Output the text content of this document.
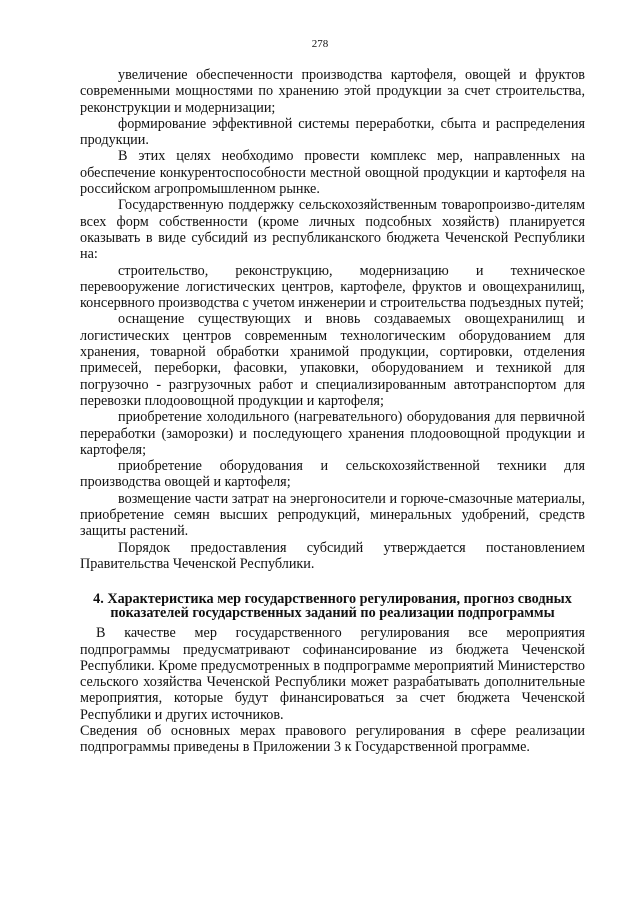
278

увеличение обеспеченности производства картофеля, овощей и фруктов современными мощностями по хранению этой продукции за счет строительства, реконструкции и модернизации;

формирование эффективной системы переработки, сбыта и распределения продукции.

В этих целях необходимо провести комплекс мер, направленных на обеспечение конкурентоспособности местной овощной продукции и картофеля на российском агропромышленном рынке.

Государственную поддержку сельскохозяйственным товаропроизво-дителям всех форм собственности (кроме личных подсобных хозяйств) планируется оказывать в виде субсидий из республиканского бюджета Чеченской Республики на:

строительство, реконструкцию, модернизацию и техническое перевооружение логистических центров, картофеле, фруктов и овощехранилищ, консервного производства с учетом инженерии и строительства подъездных путей;

оснащение существующих и вновь создаваемых овощехранилищ и логистических центров современным технологическим оборудованием для хранения, товарной обработки хранимой продукции, сортировки, отделения примесей, переборки, фасовки, упаковки, оборудованием и техникой для погрузочно - разгрузочных работ и специализированным автотранспортом для перевозки плодоовощной продукции и картофеля;

приобретение холодильного (нагревательного) оборудования для первичной переработки (заморозки) и последующего хранения плодоовощной продукции и картофеля;

приобретение оборудования и сельскохозяйственной техники для производства овощей и картофеля;

возмещение части затрат на энергоносители и горюче-смазочные материалы, приобретение семян высших репродукций, минеральных удобрений, средств защиты растений.

Порядок предоставления субсидий утверждается постановлением Правительства Чеченской Республики.

4. Характеристика мер государственного регулирования, прогноз сводных показателей государственных заданий по реализации подпрограммы

В качестве мер государственного регулирования все мероприятия подпрограммы предусматривают софинансирование из бюджета Чеченской Республики. Кроме предусмотренных в подпрограмме мероприятий Министерство сельского хозяйства Чеченской Республики может разрабатывать дополнительные мероприятия, которые будут финансироваться за счет бюджета Чеченской Республики и других источников.

Сведения об основных мерах правового регулирования в сфере реализации подпрограммы приведены в Приложении 3 к Государственной программе.
